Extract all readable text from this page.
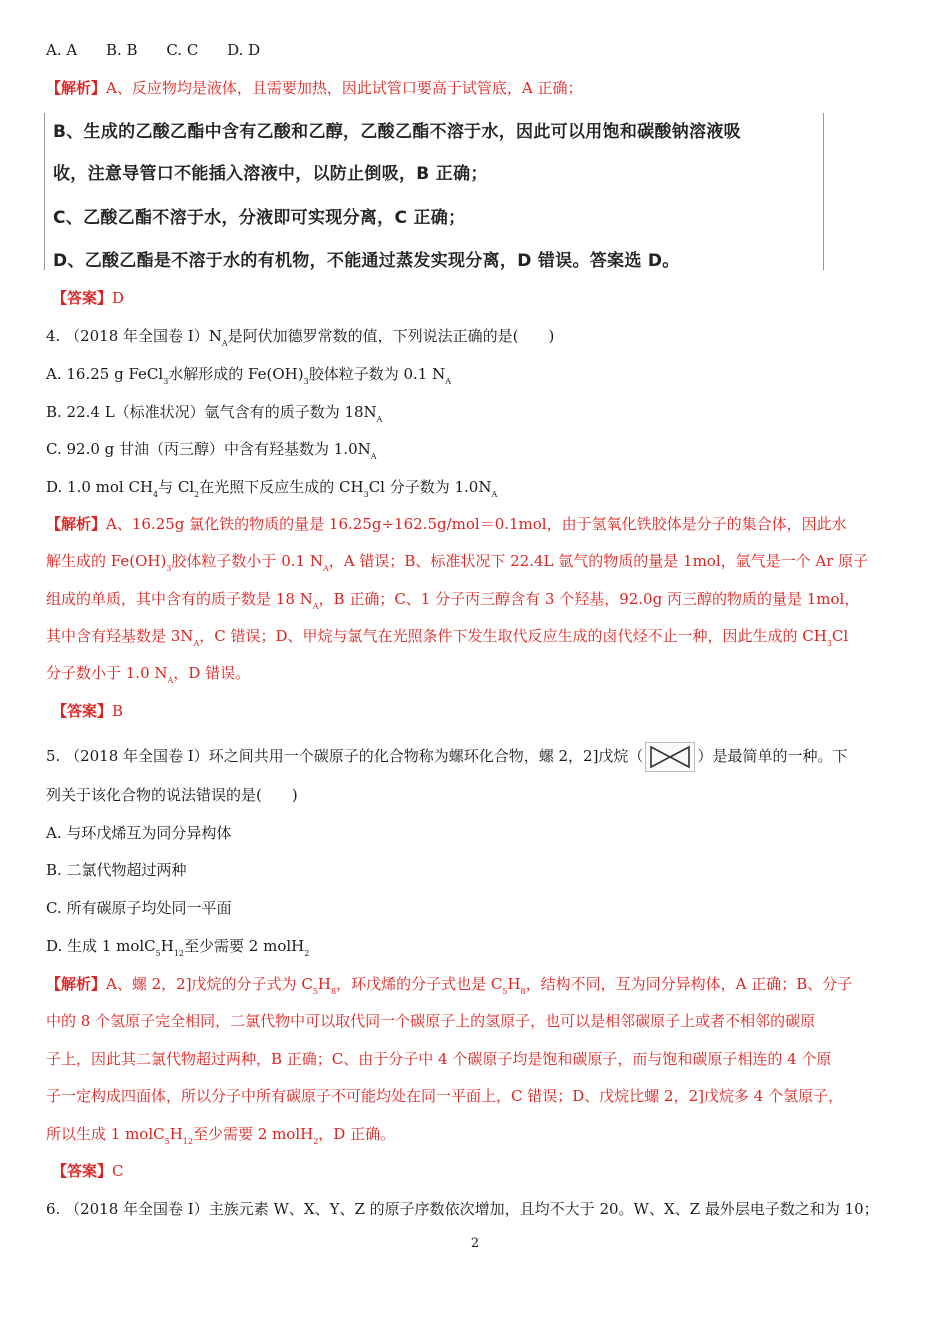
A. A B. B C. C D. D
【解析】A、反应物均是液体，且需要加热，因此试管口要高于试管底，A 正确；
B、生成的乙酸乙酯中含有乙酸和乙醇，乙酸乙酯不溶于水，因此可以用饱和碳酸钠溶液吸
收，注意导管口不能插入溶液中，以防止倒吸，B 正确；
C、乙酸乙酯不溶于水，分液即可实现分离，C 正确；
D、乙酸乙酯是不溶于水的有机物，不能通过蒸发实现分离，D 错误。答案选 D。
【答案】D
4. （2018 年全国卷 $I)N_A$是阿伏加德罗常数的值，下列说法正确的是(　　)
A. 16.25 g FeCl$_3$水解形成的 $Fe(OH)_3$胶体粒子数为 0.1 $N_A$
B. 22.4 L（标准状况）氩气含有的质子数为 $18N_A$
C. 92.0 g 甘油（丙三醇）中含有羟基数为 $1.0N_A$
D. 1.0 mol $CH_4$与 $Cl_2$在光照下反应生成的 $CH_3Cl$ 分子数为 $1.0N_A$
【解析】A、16.25g 氯化铁的物质的量是 16.25g÷162.5g/mol＝0.1mol，由于氢氧化铁胶体是分子的集合体，因此水
解生成的 $Fe(OH)_3$胶体粒子数小于 0.1 $N_A$，A 错误；B、标准状况下 22.4L 氩气的物质的量是 1mol，氩气是一个 Ar 原子
组成的单质，其中含有的质子数是 18 $N_A$，B 正确；C、1 分子丙三醇含有 3 个羟基，92.0g 丙三醇的物质的量是 1mol，
其中含有羟基数是 $3N_A$，C 错误；D、甲烷与氯气在光照条件下发生取代反应生成的卤代烃不止一种，因此生成的 $CH_3Cl$
分子数小于 1.0 $N_A$，D 错误。
【答案】B
5. （2018 年全国卷 I）环之间共用一个碳原子的化合物称为螺环化合物，螺 2，2]戊烷（	）是最简单的一种。下
列关于该化合物的说法错误的是(　　)
A. 与环戊烯互为同分异构体
B. 二氯代物超过两种
C. 所有碳原子均处同一平面
D. 生成 1 $molC_5H_{12}$至少需要 2 molH$_2$
【解析】A、螺 2，2]戊烷的分子式为 $C_5H_8$，环戊烯的分子式也是 $C_5H_8$，结构不同，互为同分异构体，A 正确；B、分子
中的 8 个氢原子完全相同，二氯代物中可以取代同一个碳原子上的氢原子，也可以是相邻碳原子上或者不相邻的碳原
子上，因此其二氯代物超过两种，B 正确；C、由于分子中 4 个碳原子均是饱和碳原子，而与饱和碳原子相连的 4 个原
子一定构成四面体，所以分子中所有碳原子不可能均处在同一平面上，C 错误；D、戊烷比螺 2，2]戊烷多 4 个氢原子，
所以生成 1 $molC_5H_{12}$至少需要 2 molH$_2$，D 正确。
【答案】C
6. （2018 年全国卷 I）主族元素 W、X、Y、Z 的原子序数依次增加，且均不大于 20。W、X、Z 最外层电子数之和为 10；
2
